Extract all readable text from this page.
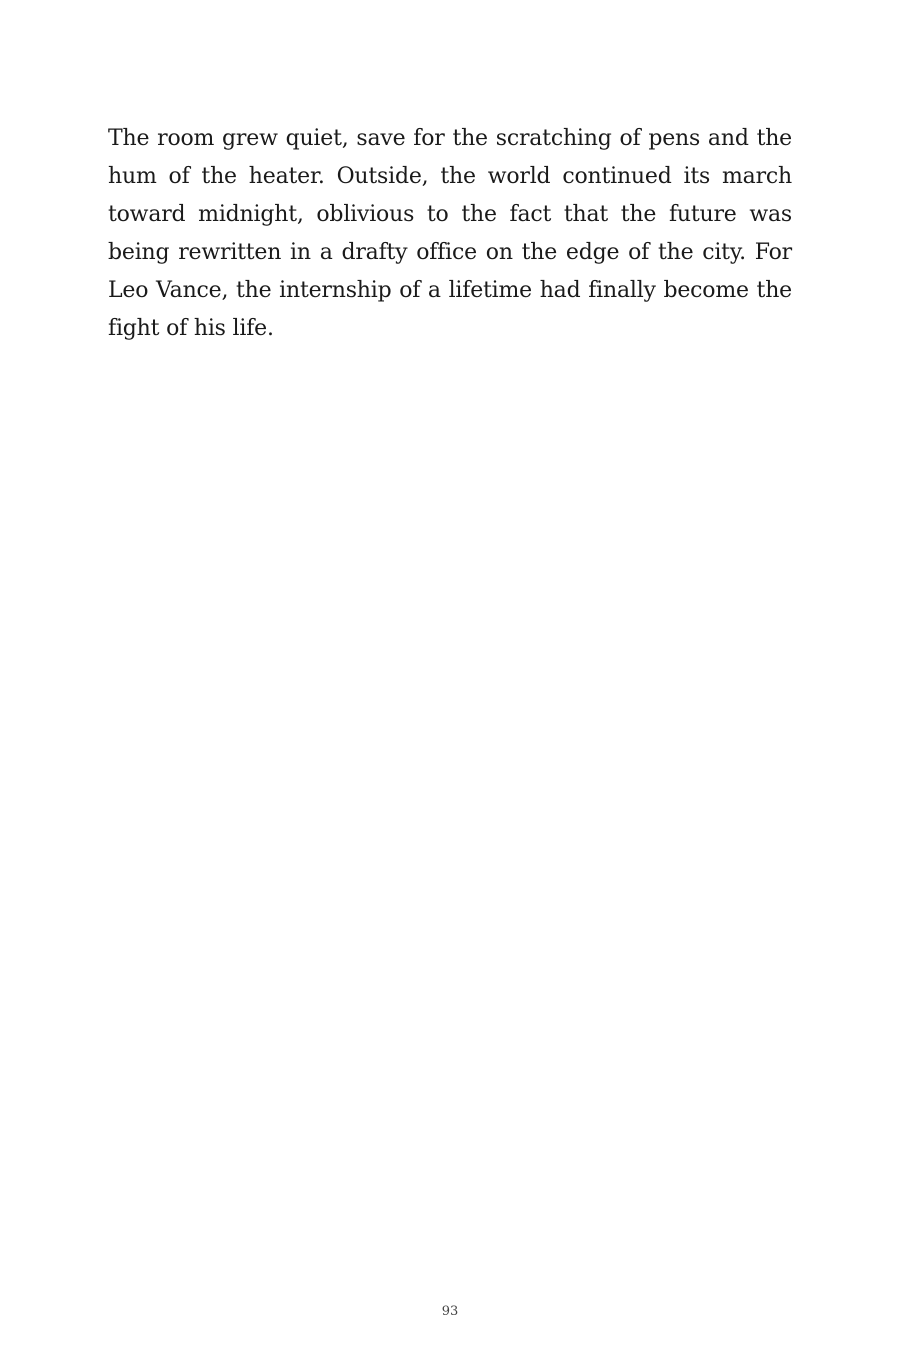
The room grew quiet, save for the scratching of pens and the hum of the heater. Outside, the world continued its march toward midnight, oblivious to the fact that the future was being rewritten in a drafty office on the edge of the city. For Leo Vance, the internship of a lifetime had finally become the fight of his life.

93
